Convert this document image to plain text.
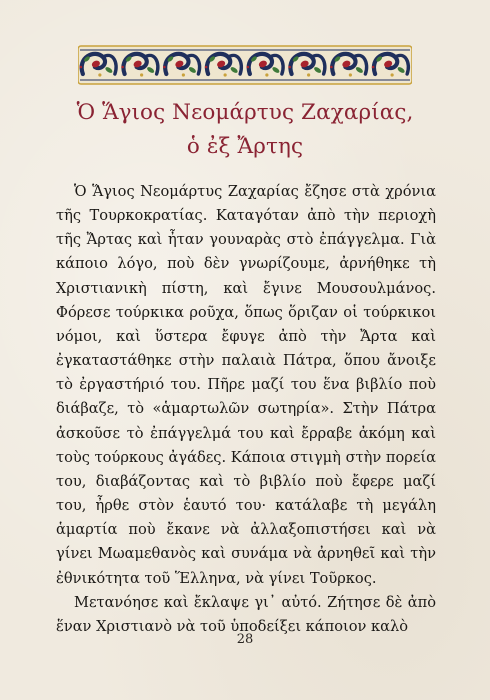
Ὁ Ἅγιος Νεομάρτυς Ζαχαρίας,
ὁ ἐξ Ἄρτης

Ὁ Ἅγιος Νεομάρτυς Ζαχαρίας ἔζησε στὰ χρόνια τῆς Τουρκοκρατίας. Καταγόταν ἀπὸ τὴν περιοχὴ τῆς Ἄρτας καὶ ἦταν γουναρὰς στὸ ἐπάγγελμα. Γιὰ κάποιο λόγο, ποὺ δὲν γνωρίζουμε, ἀρνήθηκε τὴ Χριστιανικὴ πίστη, καὶ ἔγινε Μουσουλμάνος. Φόρεσε τούρκικα ροῦχα, ὅπως ὅριζαν οἱ τούρκικοι νόμοι, καὶ ὕστερα ἔφυγε ἀπὸ τὴν Ἄρτα καὶ ἐγκαταστάθηκε στὴν παλαιὰ Πάτρα, ὅπου ἄνοιξε τὸ ἐργαστήριό του. Πῆρε μαζί του ἕνα βιβλίο ποὺ διάβαζε, τὸ «ἁμαρτωλῶν σωτηρία». Στὴν Πάτρα ἀσκοῦσε τὸ ἐπάγγελμά του καὶ ἔρραβε ἀκόμη καὶ τοὺς τούρκους ἀγάδες. Κάποια στιγμὴ στὴν πορεία του, διαβάζοντας καὶ τὸ βιβλίο ποὺ ἔφερε μαζί του, ἦρθε στὸν ἑαυτό του· κατάλαβε τὴ μεγάλη ἁμαρτία ποὺ ἔκανε νὰ ἀλλαξοπιστήσει καὶ νὰ γίνει Μωαμεθανὸς καὶ συνάμα νὰ ἀρνηθεῖ καὶ τὴν ἐθνικότητα τοῦ Ἕλληνα, νὰ γίνει Τοῦρκος.

Μετανόησε καὶ ἔκλαψε γι᾽ αὐτό. Ζήτησε δὲ ἀπὸ ἕναν Χριστιανὸ νὰ τοῦ ὑποδείξει κάποιον καλὸ

28
